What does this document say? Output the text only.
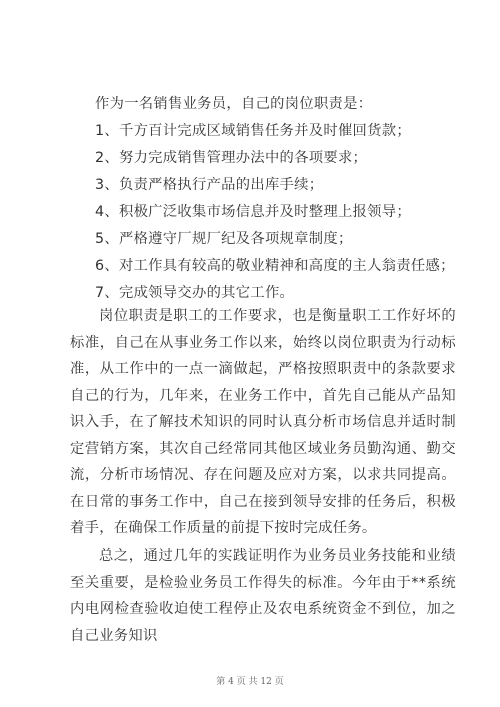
作为一名销售业务员，自己的岗位职责是：
1、千方百计完成区域销售任务并及时催回货款；
2、努力完成销售管理办法中的各项要求；
3、负责严格执行产品的出库手续；
4、积极广泛收集市场信息并及时整理上报领导；
5、严格遵守厂规厂纪及各项规章制度；
6、对工作具有较高的敬业精神和高度的主人翁责任感；
7、完成领导交办的其它工作。
岗位职责是职工的工作要求，也是衡量职工工作好坏的标准，自己在从事业务工作以来，始终以岗位职责为行动标准，从工作中的一点一滴做起，严格按照职责中的条款要求自己的行为，几年来，在业务工作中，首先自己能从产品知识入手，在了解技术知识的同时认真分析市场信息并适时制定营销方案，其次自己经常同其他区域业务员勤沟通、勤交流，分析市场情况、存在问题及应对方案，以求共同提高。在日常的事务工作中，自己在接到领导安排的任务后，积极着手，在确保工作质量的前提下按时完成任务。
总之，通过几年的实践证明作为业务员业务技能和业绩至关重要，是检验业务员工作得失的标准。今年由于**系统内电网检查验收迫使工程停止及农电系统资金不到位，加之自己业务知识
第 4 页 共 12 页
